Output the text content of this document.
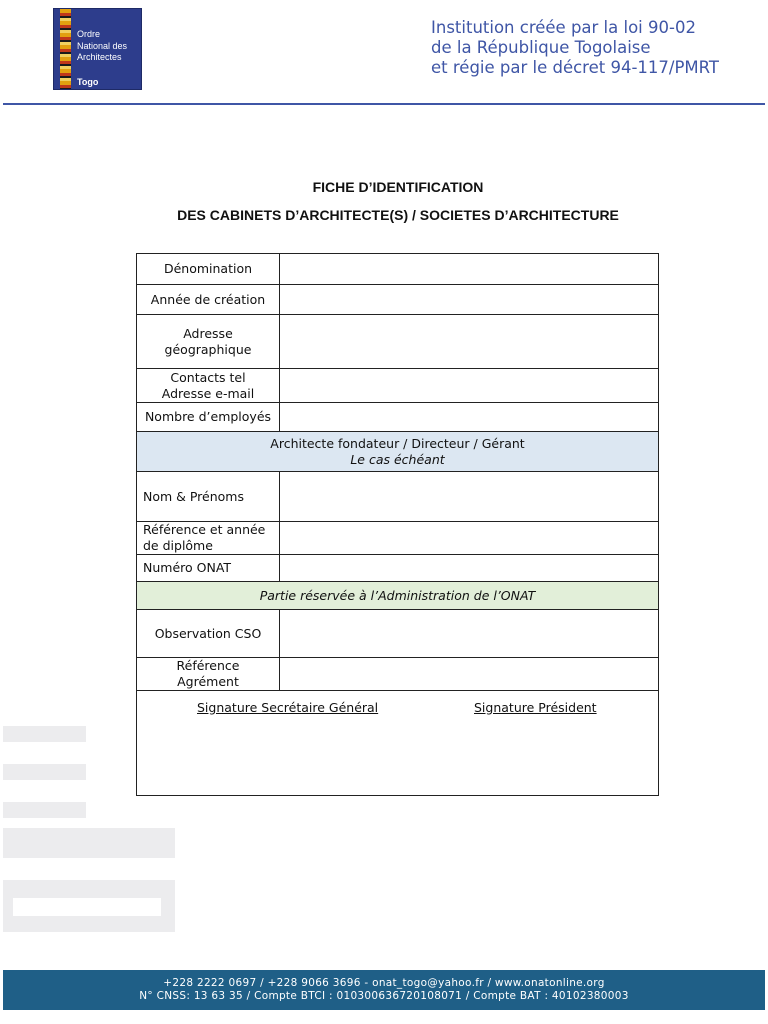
Ordre
National des
Architectes
Togo
Institution créée par la loi 90-02
de la République Togolaise
et régie par le décret 94-117/PMRT
FICHE D’IDENTIFICATION
DES CABINETS D’ARCHITECTE(S) / SOCIETES D’ARCHITECTURE
Dénomination
Année de création
Adresse
géographique
Contacts tel
Adresse e-mail
Nombre d’employés
Architecte fondateur / Directeur / Gérant
Le cas échéant
Nom & Prénoms
Référence et année
de diplôme
Numéro ONAT
Partie réservée à l’Administration de l’ONAT
Observation CSO
Référence
Agrément
Signature Secrétaire Général	Signature Président
+228 2222 0697 / +228 9066 3696 - onat_togo@yahoo.fr / www.onatonline.org
N° CNSS: 13 63 35 / Compte BTCI : 010300636720108071 / Compte BAT : 40102380003
